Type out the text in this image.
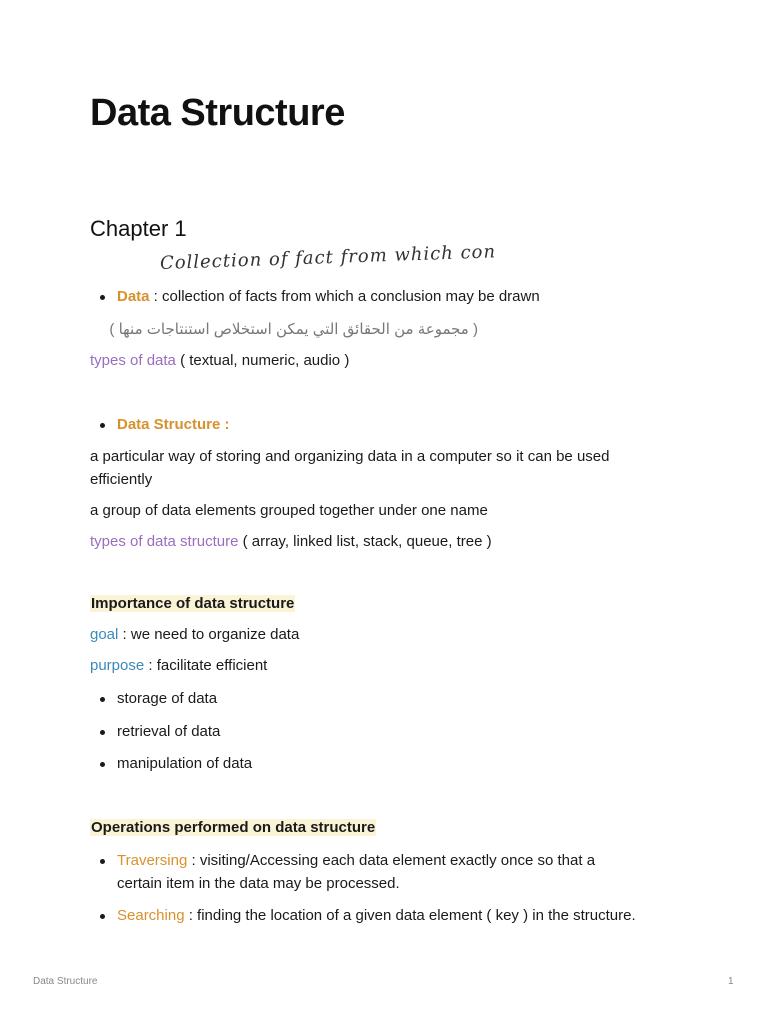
Data Structure
Chapter 1

Collection of fact from which con

Data : collection of facts from which a conclusion may be drawn

( مجموعة من الحقائق التي يمكن استخلاص استنتاجات منها )

types of data ( textual, numeric, audio )

Data Structure :

a particular way of storing and organizing data in a computer so it can be used efficiently

a group of data elements grouped together under one name

types of data structure ( array, linked list, stack, queue, tree )

Importance of data structure

goal : we need to organize data

purpose : facilitate efficient

storage of data

retrieval of data

manipulation of data

Operations performed on data structure

Traversing : visiting/Accessing each data element exactly once so that a certain item in the data may be processed.

Searching : finding the location of a given data element ( key ) in the structure.

Data Structure	1
